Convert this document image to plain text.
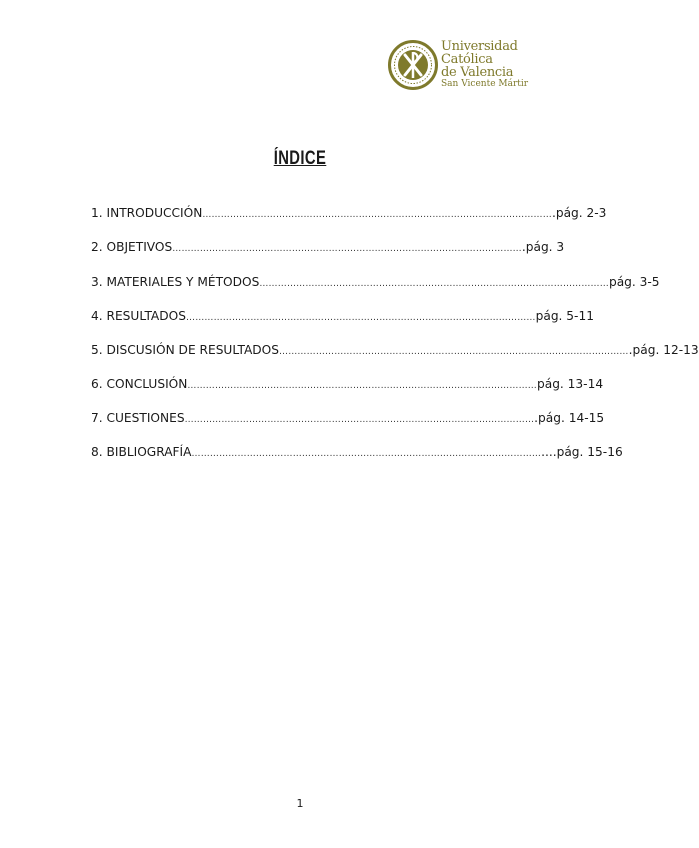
Universidad
Católica
de Valencia
San Vicente Mártir
ÍNDICE
1. INTRODUCCIÓN …………………………………………………………………………………………………… .pág. 2-3
2. OBJETIVOS …………………………………………………………………………………………………… .pág. 3
3. MATERIALES Y MÉTODOS …………………………………………………………………………………………………… pág. 3-5
4. RESULTADOS …………………………………………………………………………………………………… pág. 5-11
5. DISCUSIÓN DE RESULTADOS …………………………………………………………………………………………………… .pág. 12-13
6. CONCLUSIÓN …………………………………………………………………………………………………… pág. 13-14
7. CUESTIONES …………………………………………………………………………………………………… .pág. 14-15
8. BIBLIOGRAFÍA …………………………………………………………………………………………………… ....pág. 15-16
1
